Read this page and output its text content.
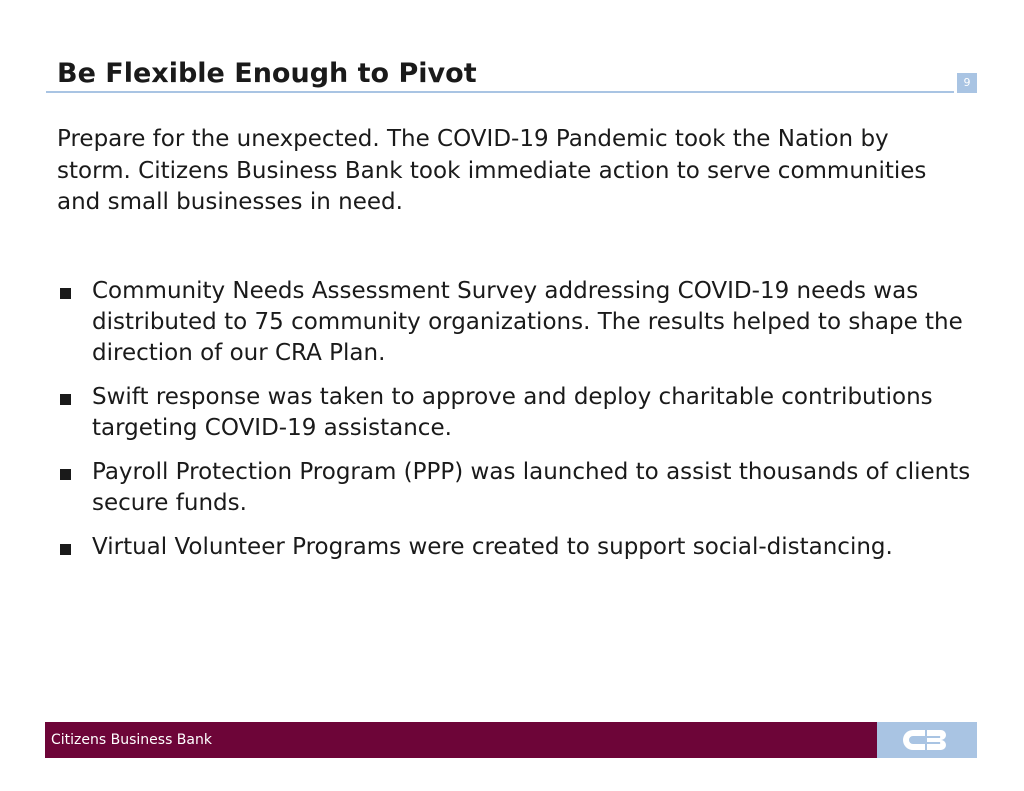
Be Flexible Enough to Pivot	9
Prepare for the unexpected. The COVID-19 Pandemic took the Nation by storm. Citizens Business Bank took immediate action to serve communities and small businesses in need.
Community Needs Assessment Survey addressing COVID-19 needs was distributed to 75 community organizations. The results helped to shape the direction of our CRA Plan.
Swift response was taken to approve and deploy charitable contributions targeting COVID-19 assistance.
Payroll Protection Program (PPP) was launched to assist thousands of clients secure funds.
Virtual Volunteer Programs were created to support social-distancing.
Citizens Business Bank
